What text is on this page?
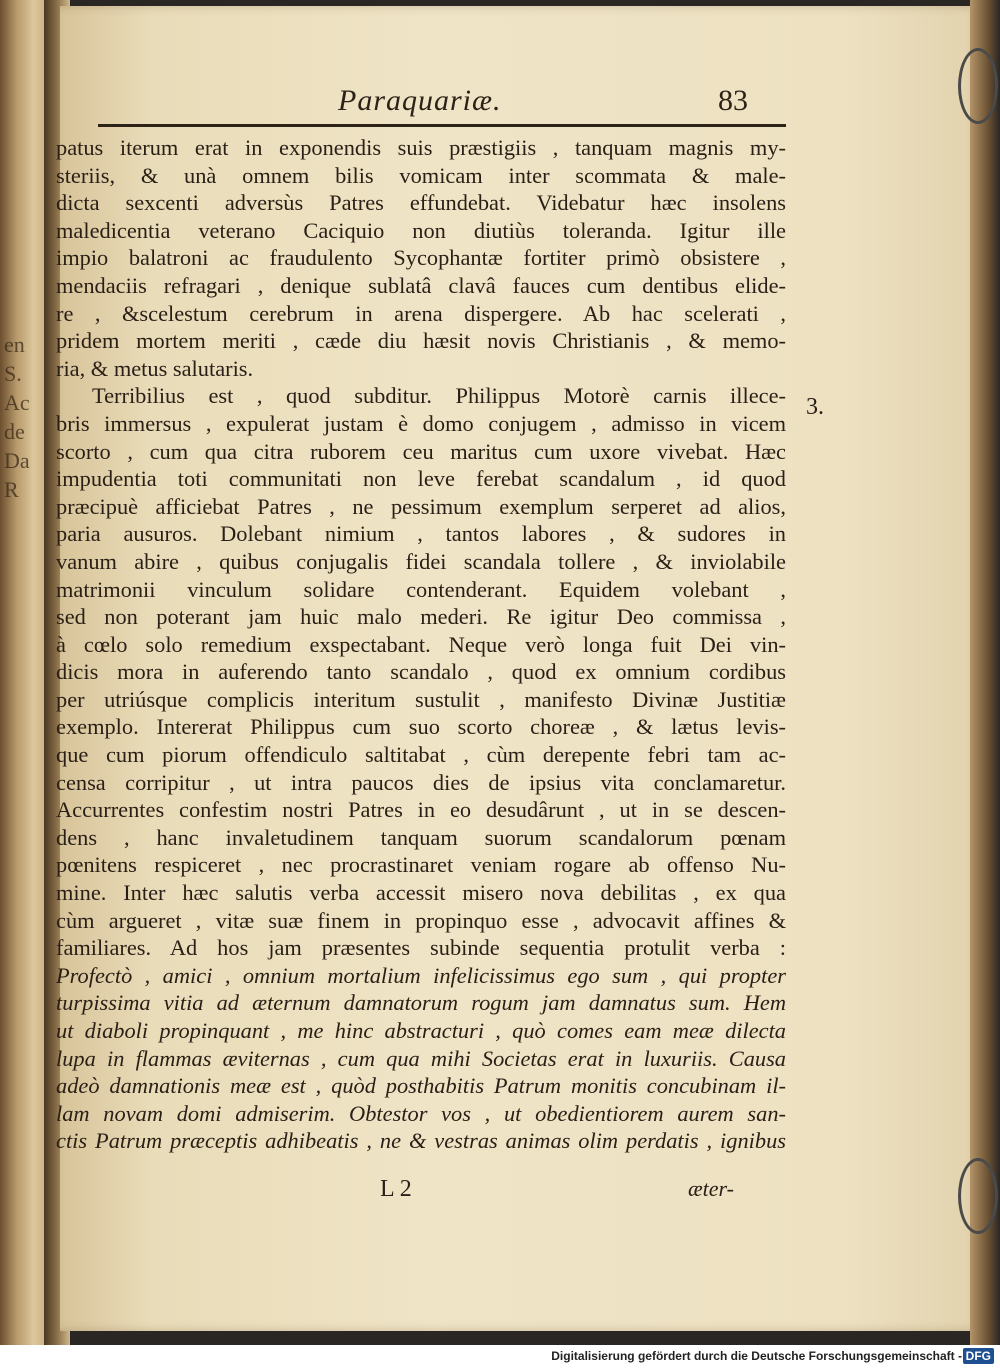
en
S.
Ac
de
Da
R
Paraquariæ.	83
patus iterum erat in exponendis suis præstigiis , tanquam magnis my-
steriis, & unà omnem bilis vomicam inter scommata & male-
dicta sexcenti adversùs Patres effundebat. Videbatur hæc insolens
maledicentia veterano Caciquio non diutiùs toleranda. Igitur ille
impio balatroni ac fraudulento Sycophantæ fortiter primò obsistere ,
mendaciis refragari , denique sublatâ clavâ fauces cum dentibus elide-
re , &scelestum cerebrum in arena dispergere. Ab hac scelerati ,
pridem mortem meriti , cæde diu hæsit novis Christianis , & memo-
ria, & metus salutaris.
Terribilius est , quod subditur. Philippus Motorè carnis illece-
bris immersus , expulerat justam è domo conjugem , admisso in vicem
scorto , cum qua citra ruborem ceu maritus cum uxore vivebat. Hæc
impudentia toti communitati non leve ferebat scandalum , id quod
præcipuè afficiebat Patres , ne pessimum exemplum serperet ad alios,
paria ausuros. Dolebant nimium , tantos labores , & sudores in
vanum abire , quibus conjugalis fidei scandala tollere , & inviolabile
matrimonii vinculum solidare contenderant. Equidem volebant ,
sed non poterant jam huic malo mederi. Re igitur Deo commissa ,
à cœlo solo remedium exspectabant. Neque verò longa fuit Dei vin-
dicis mora in auferendo tanto scandalo , quod ex omnium cordibus
per utriúsque complicis interitum sustulit , manifesto Divinæ Justitiæ
exemplo. Intererat Philippus cum suo scorto choreæ , & lætus levis-
que cum piorum offendiculo saltitabat , cùm derepente febri tam ac-
censa corripitur , ut intra paucos dies de ipsius vita conclamaretur.
Accurrentes confestim nostri Patres in eo desudârunt , ut in se descen-
dens , hanc invaletudinem tanquam suorum scandalorum pœnam
pœnitens respiceret , nec procrastinaret veniam rogare ab offenso Nu-
mine. Inter hæc salutis verba accessit misero nova debilitas , ex qua
cùm argueret , vitæ suæ finem in propinquo esse , advocavit affines &
familiares. Ad hos jam præsentes subinde sequentia protulit verba :
Profectò , amici , omnium mortalium infelicissimus ego sum , qui propter
turpissima vitia ad æternum damnatorum rogum jam damnatus sum. Hem
ut diaboli propinquant , me hinc abstracturi , quò comes eam meæ dilecta
lupa in flammas æviternas , cum qua mihi Societas erat in luxuriis. Causa
adeò damnationis meæ est , quòd posthabitis Patrum monitis concubinam il-
lam novam domi admiserim. Obtestor vos , ut obedientiorem aurem san-
ctis Patrum præceptis adhibeatis , ne & vestras animas olim perdatis , ignibus
3.
L 2	æter-
Digitalisierung gefördert durch die Deutsche Forschungsgemeinschaft - DFG
